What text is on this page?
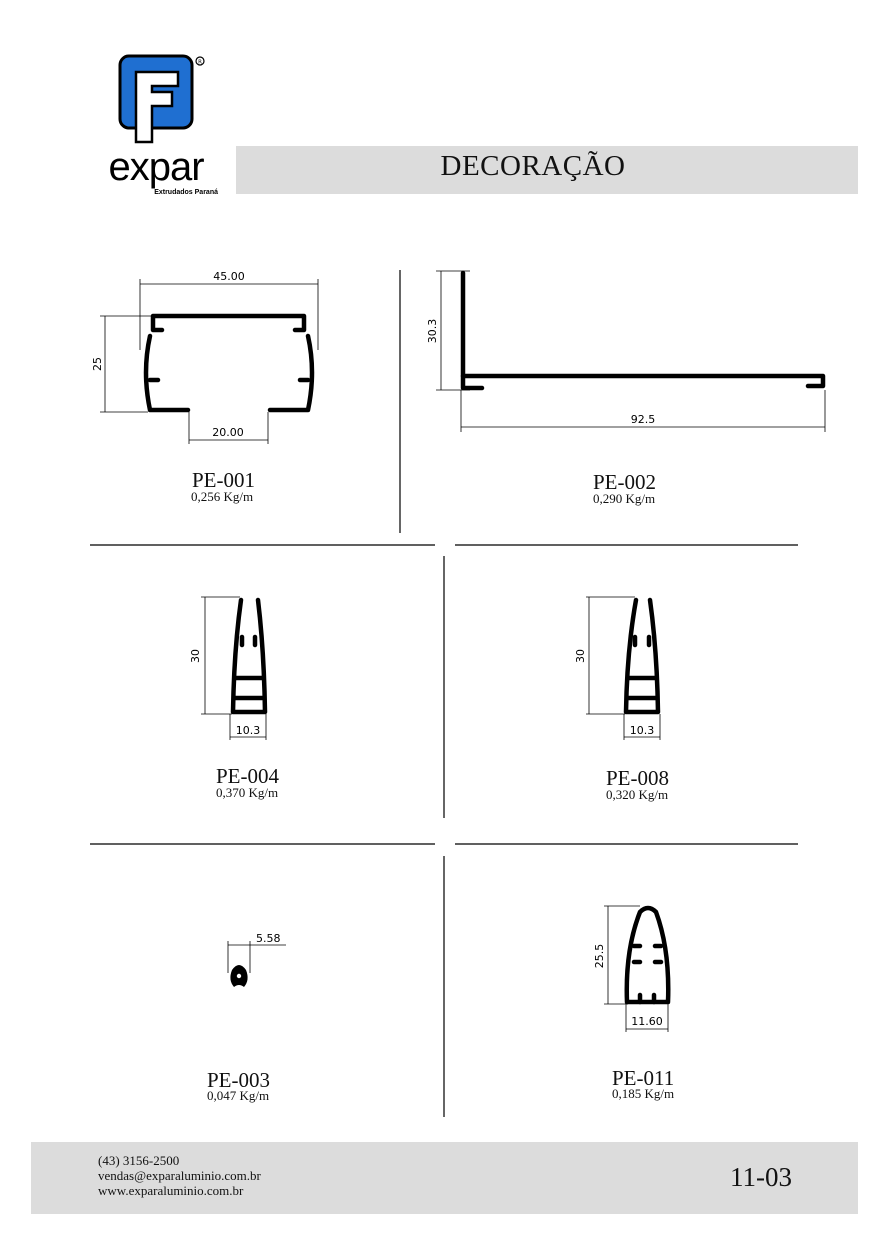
R
expar
Extrudados Paraná
DECORAÇÃO
45.00
25
20.00
30.3
92.5
30
10.3
30
10.3
5.58
25.5
11.60
PE-001
0,256 Kg/m
PE-002
0,290 Kg/m
PE-004
0,370 Kg/m
PE-008
0,320 Kg/m
PE-003
0,047 Kg/m
PE-011
0,185 Kg/m
(43) 3156-2500
vendas@exparaluminio.com.br
www.exparaluminio.com.br	11-03
